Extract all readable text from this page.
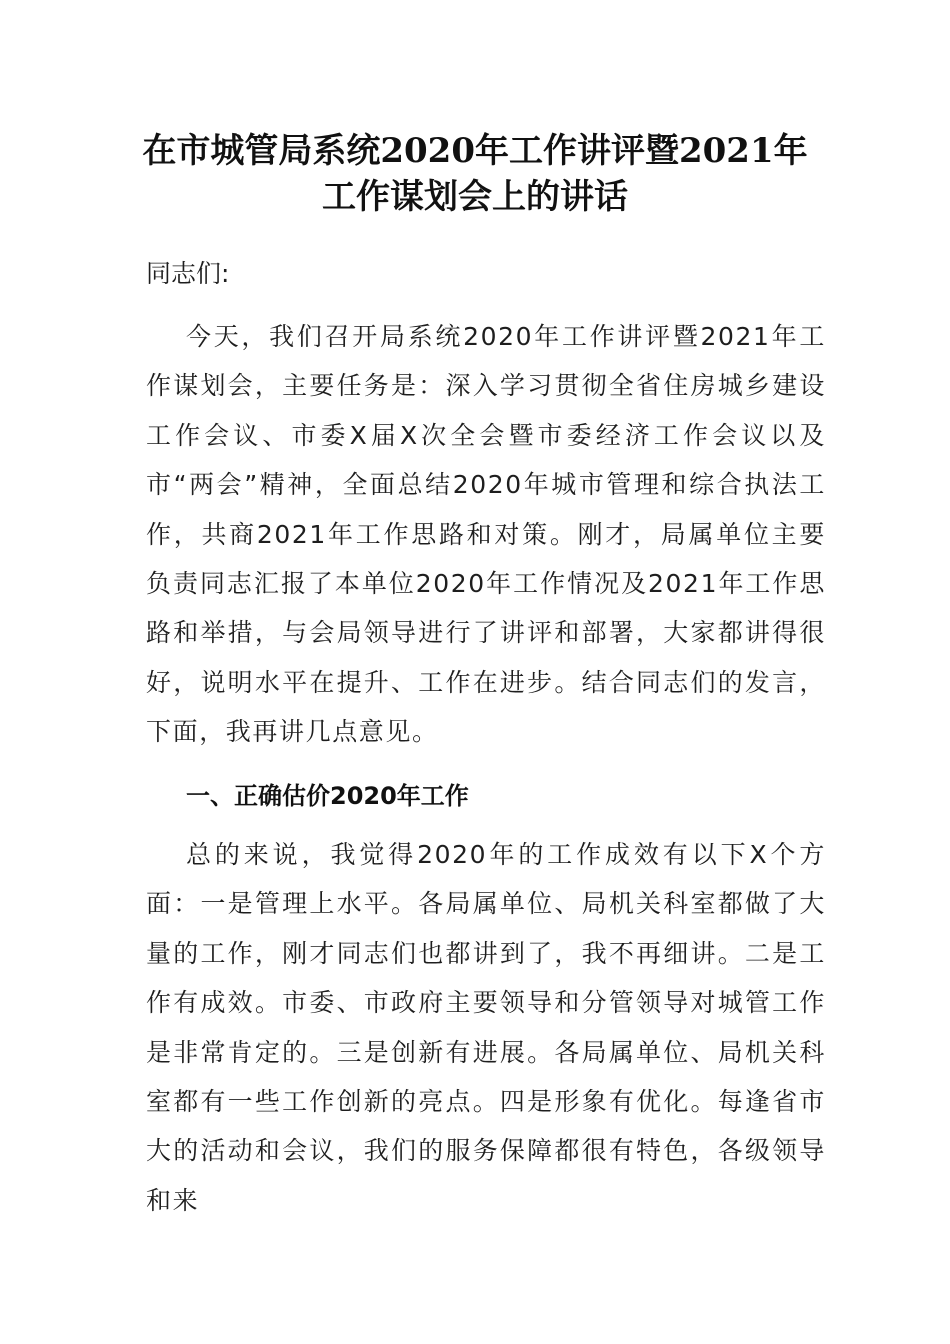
在市城管局系统2020年工作讲评暨2021年
工作谋划会上的讲话
同志们:
今天，我们召开局系统2020年工作讲评暨2021年工作谋划会，主要任务是：深入学习贯彻全省住房城乡建设工作会议、市委X届X次全会暨市委经济工作会议以及市“两会”精神，全面总结2020年城市管理和综合执法工作，共商2021年工作思路和对策。刚才，局属单位主要负责同志汇报了本单位2020年工作情况及2021年工作思路和举措，与会局领导进行了讲评和部署，大家都讲得很好，说明水平在提升、工作在进步。结合同志们的发言，下面，我再讲几点意见。
一、正确估价2020年工作
总的来说，我觉得2020年的工作成效有以下X个方面：一是管理上水平。各局属单位、局机关科室都做了大量的工作，刚才同志们也都讲到了，我不再细讲。二是工作有成效。市委、市政府主要领导和分管领导对城管工作是非常肯定的。三是创新有进展。各局属单位、局机关科室都有一些工作创新的亮点。四是形象有优化。每逢省市大的活动和会议，我们的服务保障都很有特色，各级领导和来
